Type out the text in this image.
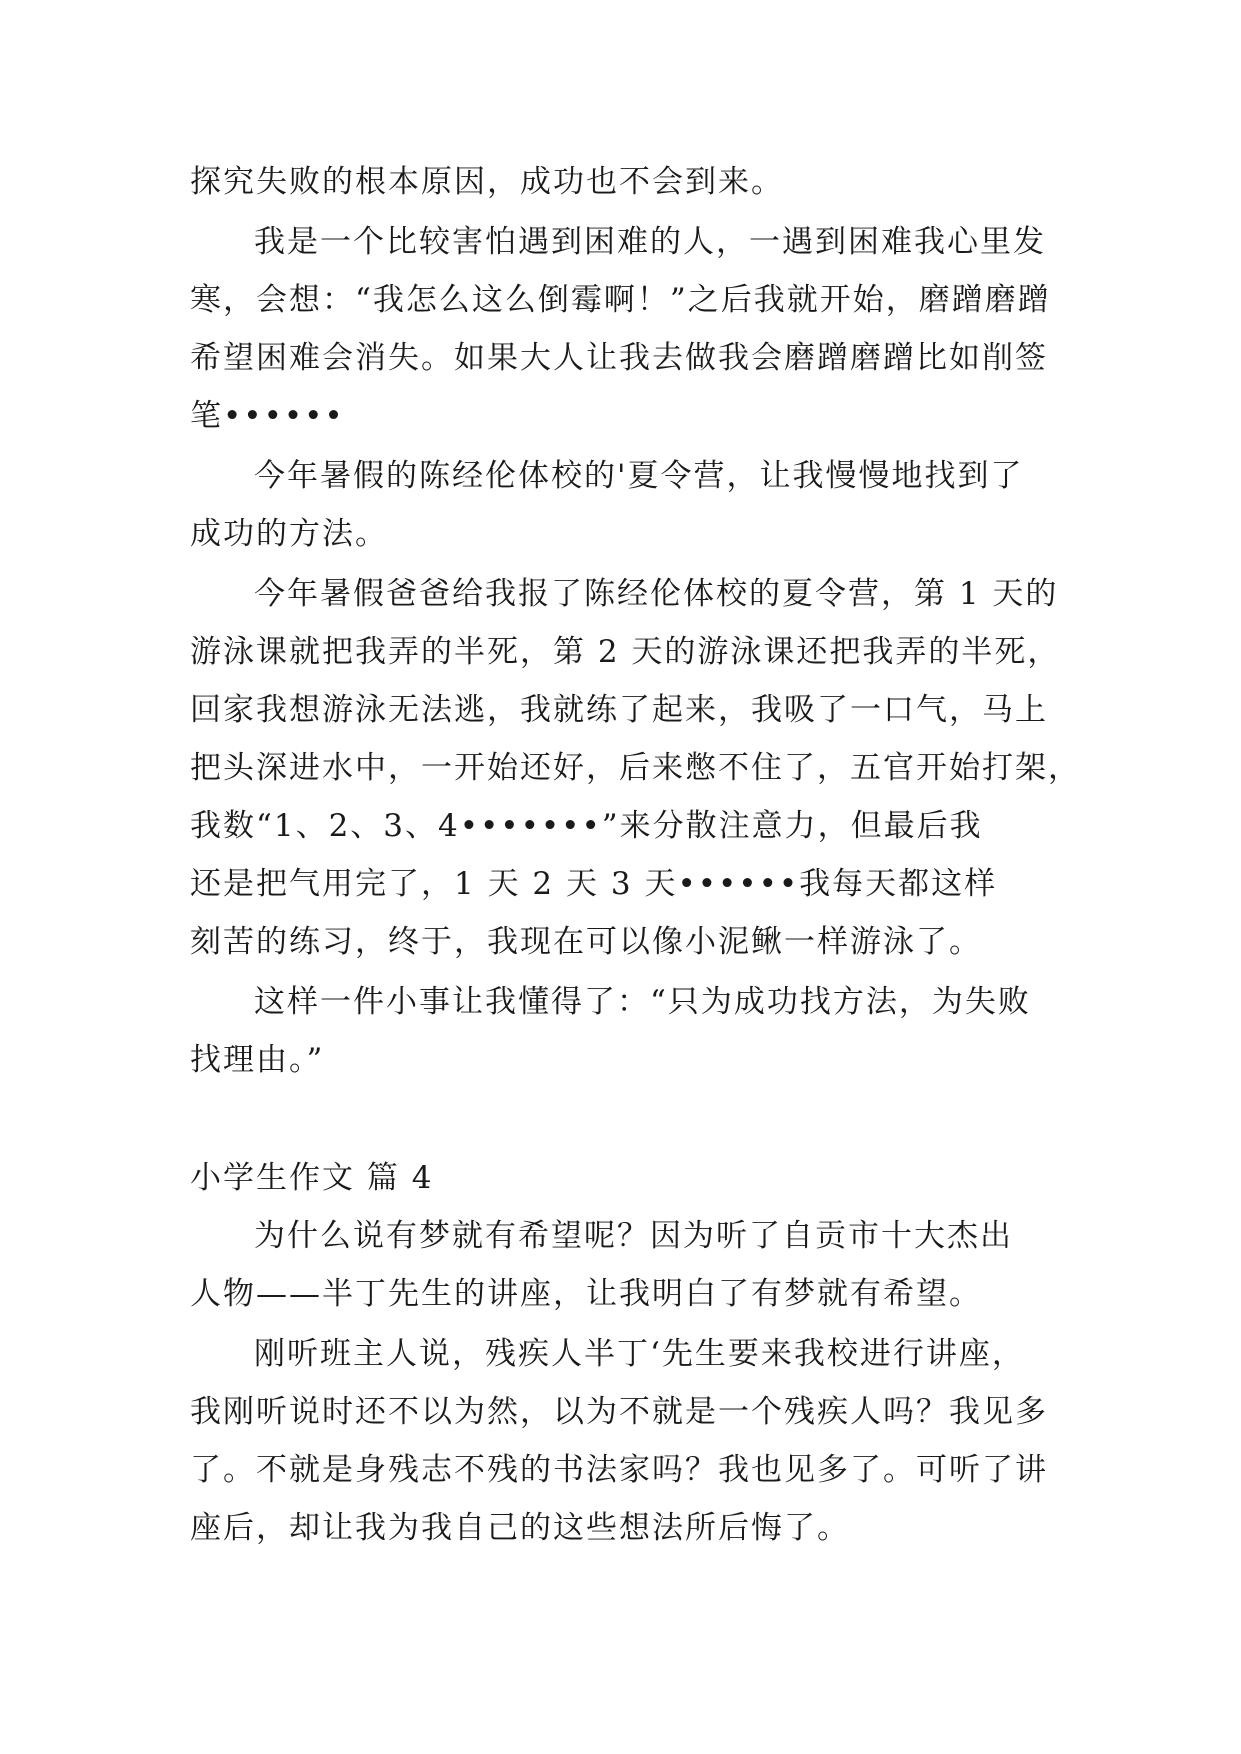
探究失败的根本原因，成功也不会到来。
我是一个比较害怕遇到困难的人，一遇到困难我心里发
寒，会想：“我怎么这么倒霉啊！”之后我就开始，磨蹭磨蹭
希望困难会消失。如果大人让我去做我会磨蹭磨蹭比如削签
笔••••••
今年暑假的陈经伦体校的'夏令营，让我慢慢地找到了
成功的方法。
今年暑假爸爸给我报了陈经伦体校的夏令营，第 1 天的
游泳课就把我弄的半死，第 2 天的游泳课还把我弄的半死，
回家我想游泳无法逃，我就练了起来，我吸了一口气，马上
把头深进水中，一开始还好，后来憋不住了，五官开始打架，
我数“1、2、3、4•••••••”来分散注意力，但最后我
还是把气用完了，1 天 2 天 3 天••••••我每天都这样
刻苦的练习，终于，我现在可以像小泥鳅一样游泳了。
这样一件小事让我懂得了：“只为成功找方法，为失败
找理由。”
小学生作文 篇 4
为什么说有梦就有希望呢？因为听了自贡市十大杰出
人物——半丁先生的讲座，让我明白了有梦就有希望。
刚听班主人说，残疾人半丁‘先生要来我校进行讲座，
我刚听说时还不以为然，以为不就是一个残疾人吗？我见多
了。不就是身残志不残的书法家吗？我也见多了。可听了讲
座后，却让我为我自己的这些想法所后悔了。
